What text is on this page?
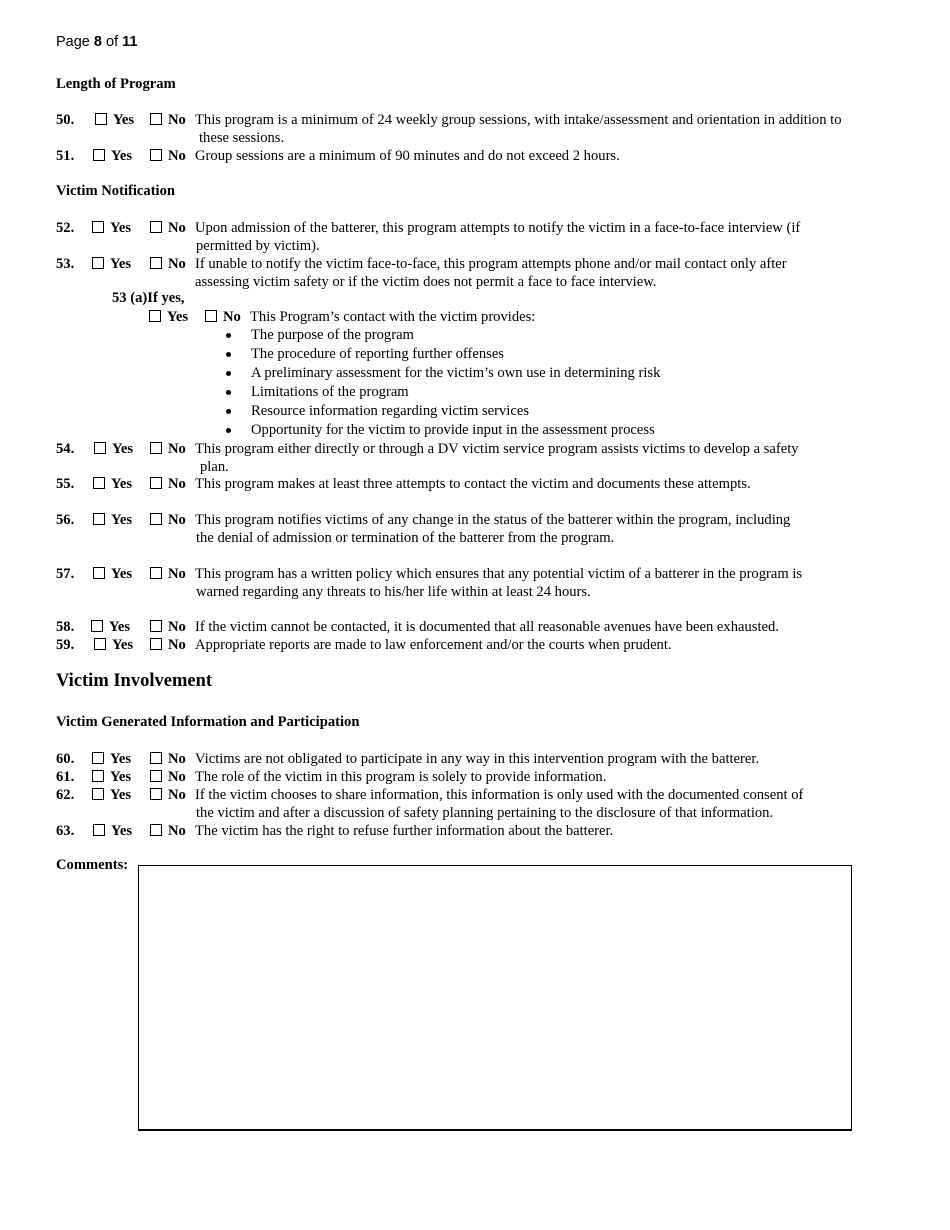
Page 8 of 11
Length of Program
50.	Yes	No This program is a minimum of 24 weekly group sessions, with intake/assessment and orientation in addition to
these sessions.
51.	Yes	No Group sessions are a minimum of 90 minutes and do not exceed 2 hours.
Victim Notification
52.	Yes	No Upon admission of the batterer, this program attempts to notify the victim in a face-to-face interview (if
permitted by victim).
53.	Yes	No If unable to notify the victim face-to-face, this program attempts phone and/or mail contact only after
assessing victim safety or if the victim does not permit a face to face interview.
53 (a)If yes,
Yes	No This Program’s contact with the victim provides:
The purpose of the program
The procedure of reporting further offenses
A preliminary assessment for the victim’s own use in determining risk
Limitations of the program
Resource information regarding victim services
Opportunity for the victim to provide input in the assessment process
54.	Yes	No This program either directly or through a DV victim service program assists victims to develop a safety
plan.
55.	Yes	No This program makes at least three attempts to contact the victim and documents these attempts.
56.	Yes	No This program notifies victims of any change in the status of the batterer within the program, including
the denial of admission or termination of the batterer from the program.
57.	Yes	No This program has a written policy which ensures that any potential victim of a batterer in the program is
warned regarding any threats to his/her life within at least 24 hours.
58.	Yes	No If the victim cannot be contacted, it is documented that all reasonable avenues have been exhausted.
59.	Yes	No Appropriate reports are made to law enforcement and/or the courts when prudent.
Victim Involvement
Victim Generated Information and Participation
60.	Yes	No Victims are not obligated to participate in any way in this intervention program with the batterer.
61.	Yes	No The role of the victim in this program is solely to provide information.
62.	Yes	No If the victim chooses to share information, this information is only used with the documented consent of
the victim and after a discussion of safety planning pertaining to the disclosure of that information.
63.	Yes	No The victim has the right to refuse further information about the batterer.
Comments:
